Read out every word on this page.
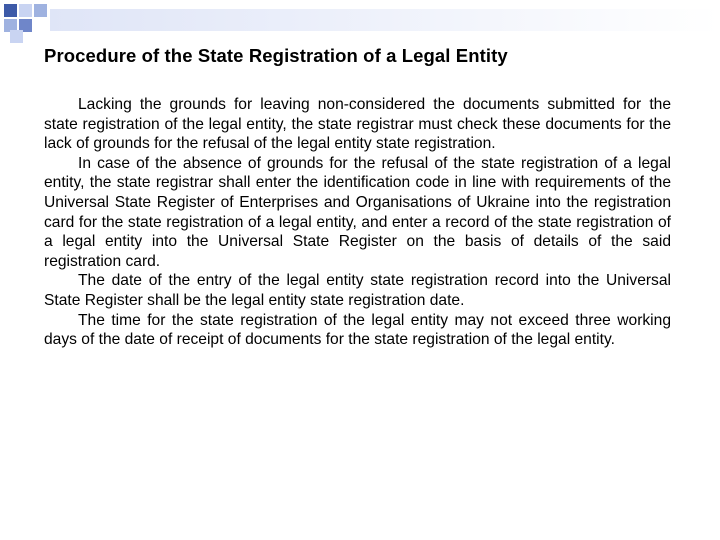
Procedure of the State Registration of a Legal Entity

Lacking the grounds for leaving non-considered the documents submitted for the state registration of the legal entity, the state registrar must check these documents for the lack of grounds for the refusal of the legal entity state registration.

In case of the absence of grounds for the refusal of the state registration of a legal entity, the state registrar shall enter the identification code in line with requirements of the Universal State Register of Enterprises and Organisations of Ukraine into the registration card for the state registration of a legal entity, and enter a record of the state registration of a legal entity into the Universal State Register on the basis of details of the said registration card.

The date of the entry of the legal entity state registration record into the Universal State Register shall be the legal entity state registration date.

The time for the state registration of the legal entity may not exceed three working days of the date of receipt of documents for the state registration of the legal entity.
